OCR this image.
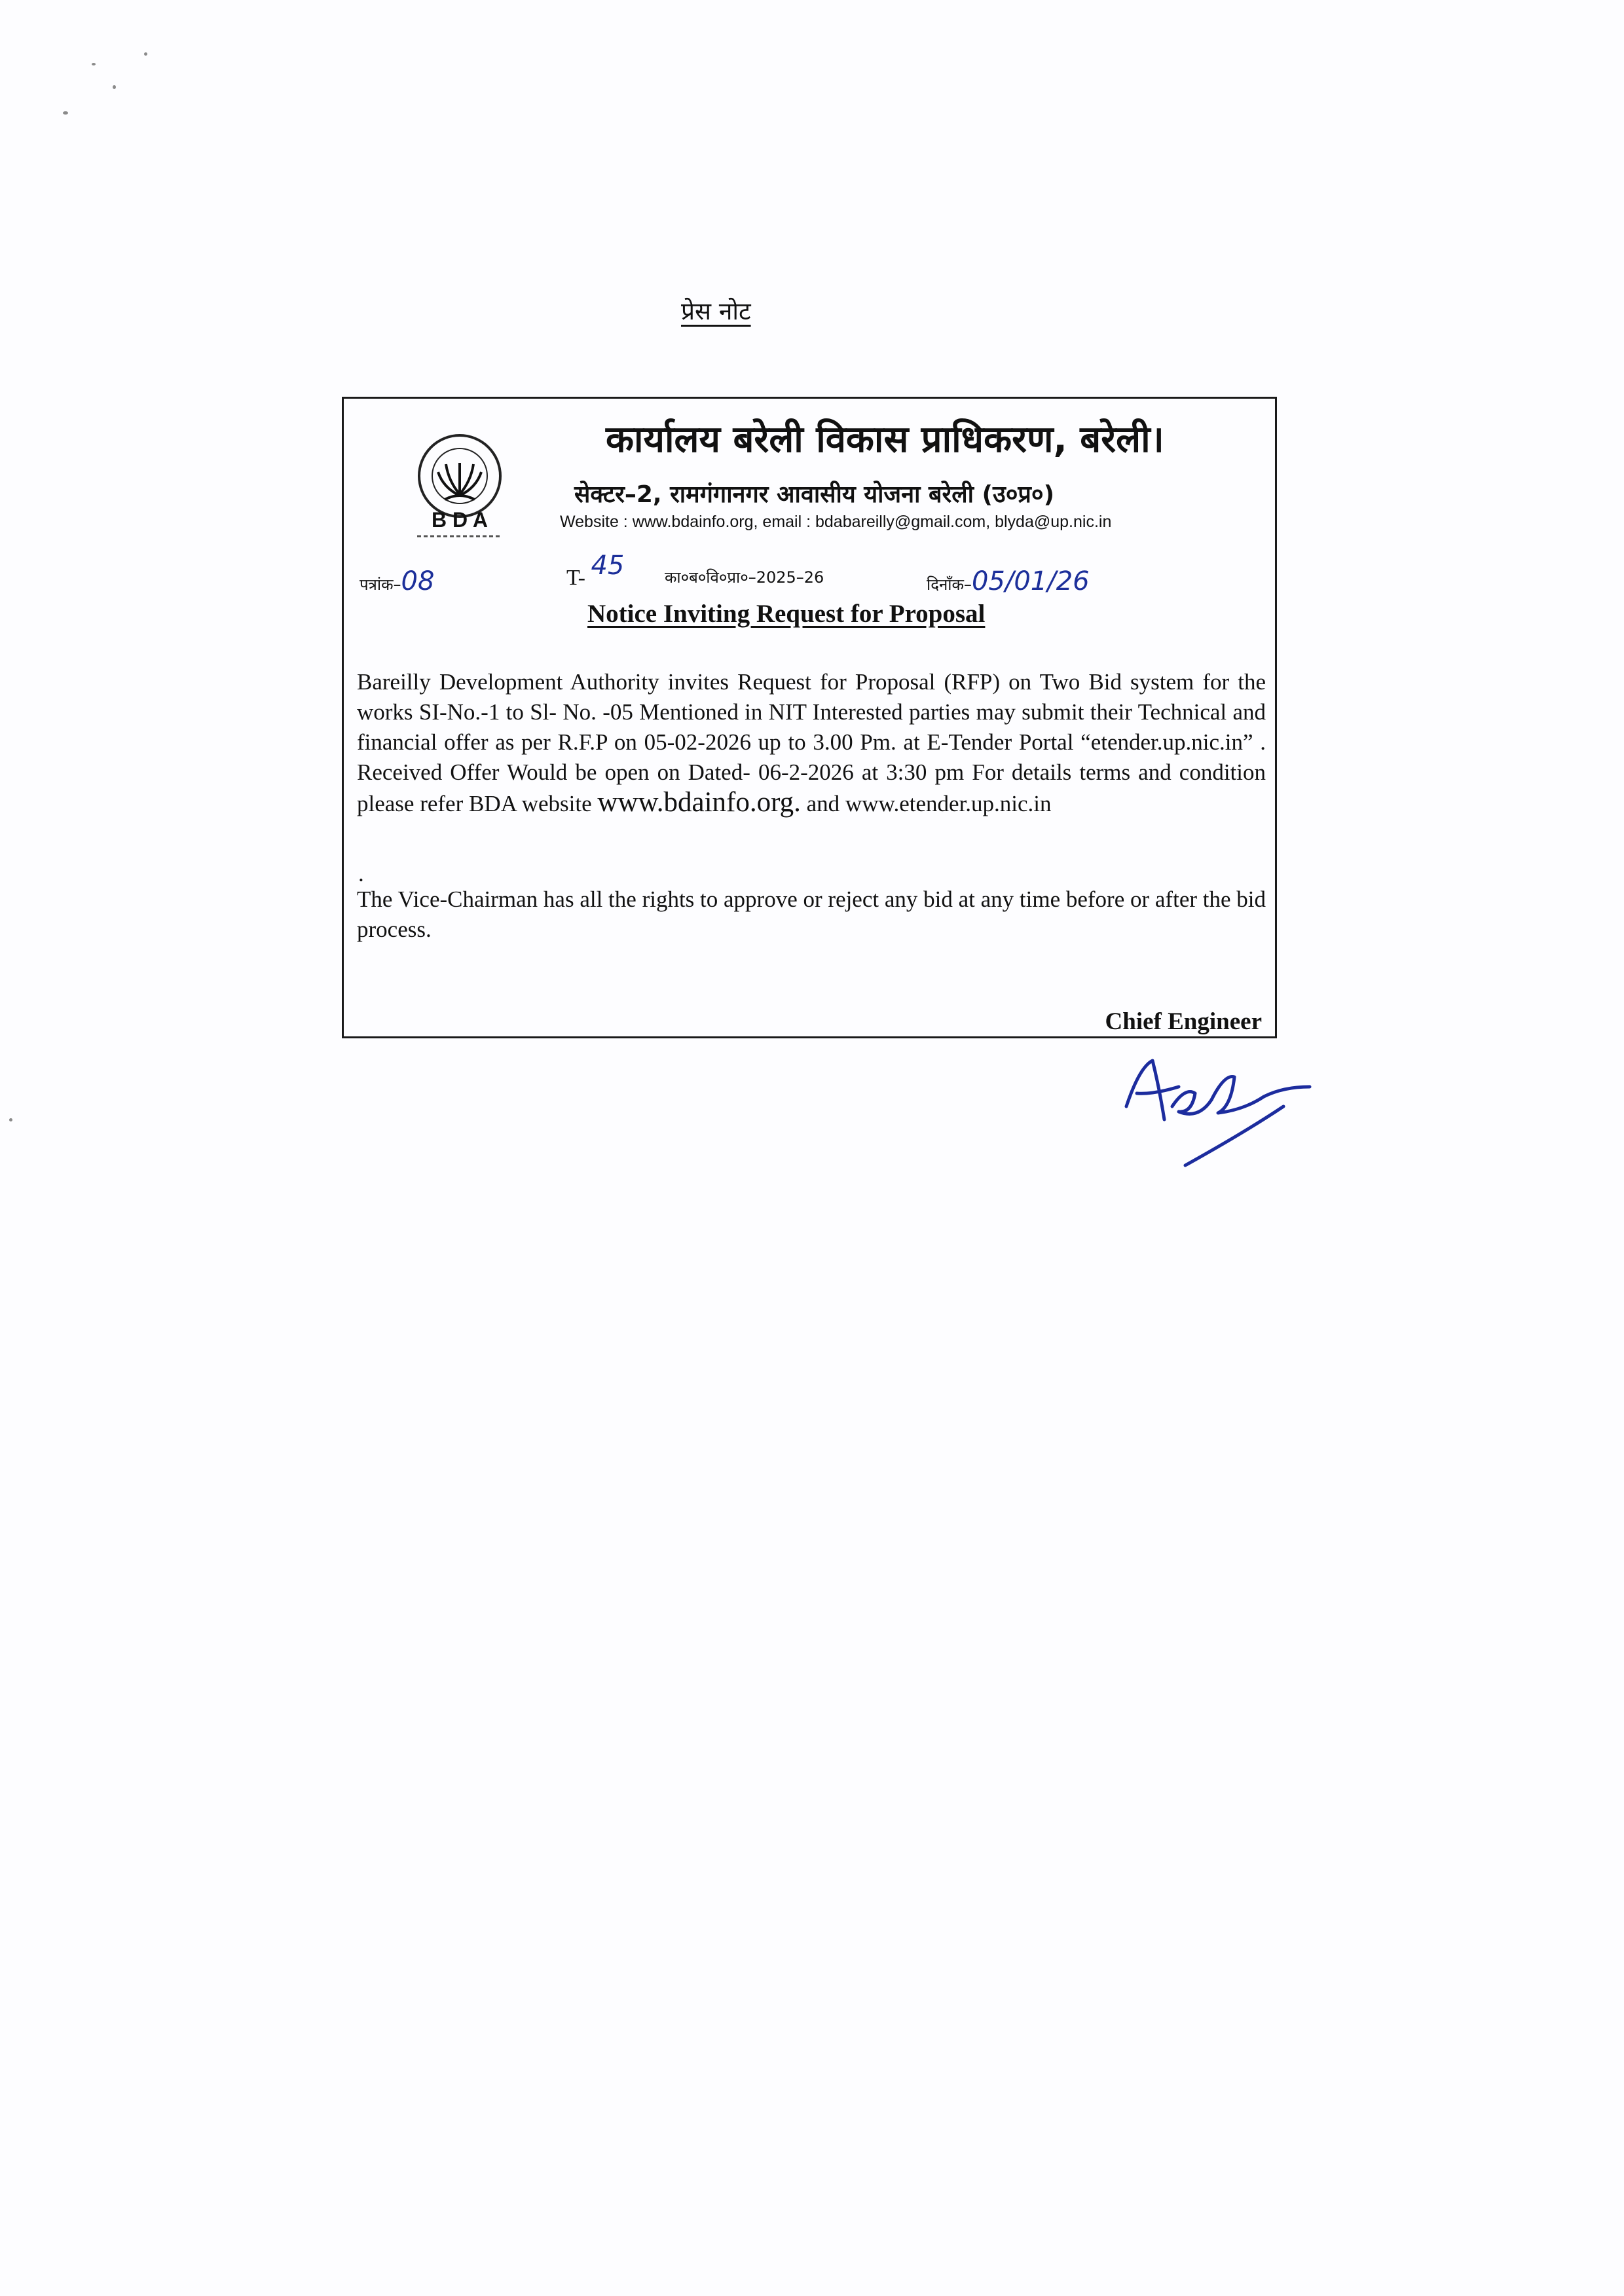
प्रेस नोट
B D A
कार्यालय बरेली विकास प्राधिकरण, बरेली।
सेक्टर–2, रामगंगानगर आवासीय योजना बरेली (उ०प्र०)
Website : www.bdainfo.org, email : bdabareilly@gmail.com, blyda@up.nic.in
पत्रांक–08	T- 45	का०ब०वि०प्रा०–2025–26	दिनाँक–05/01/26
Notice Inviting Request for Proposal
Bareilly Development Authority invites Request for Proposal (RFP) on Two Bid system for the works SI-No.-1 to Sl- No. -05 Mentioned in NIT Interested parties may submit their Technical and financial offer as per R.F.P on 05-02-2026 up to 3.00 Pm. at E-Tender Portal “etender.up.nic.in” . Received Offer Would be open on Dated- 06-2-2026 at 3:30 pm For details terms and condition please refer BDA website www.bdainfo.org. and www.etender.up.nic.in
.
The Vice-Chairman has all the rights to approve or reject any bid at any time before or after the bid process.
Chief Engineer
